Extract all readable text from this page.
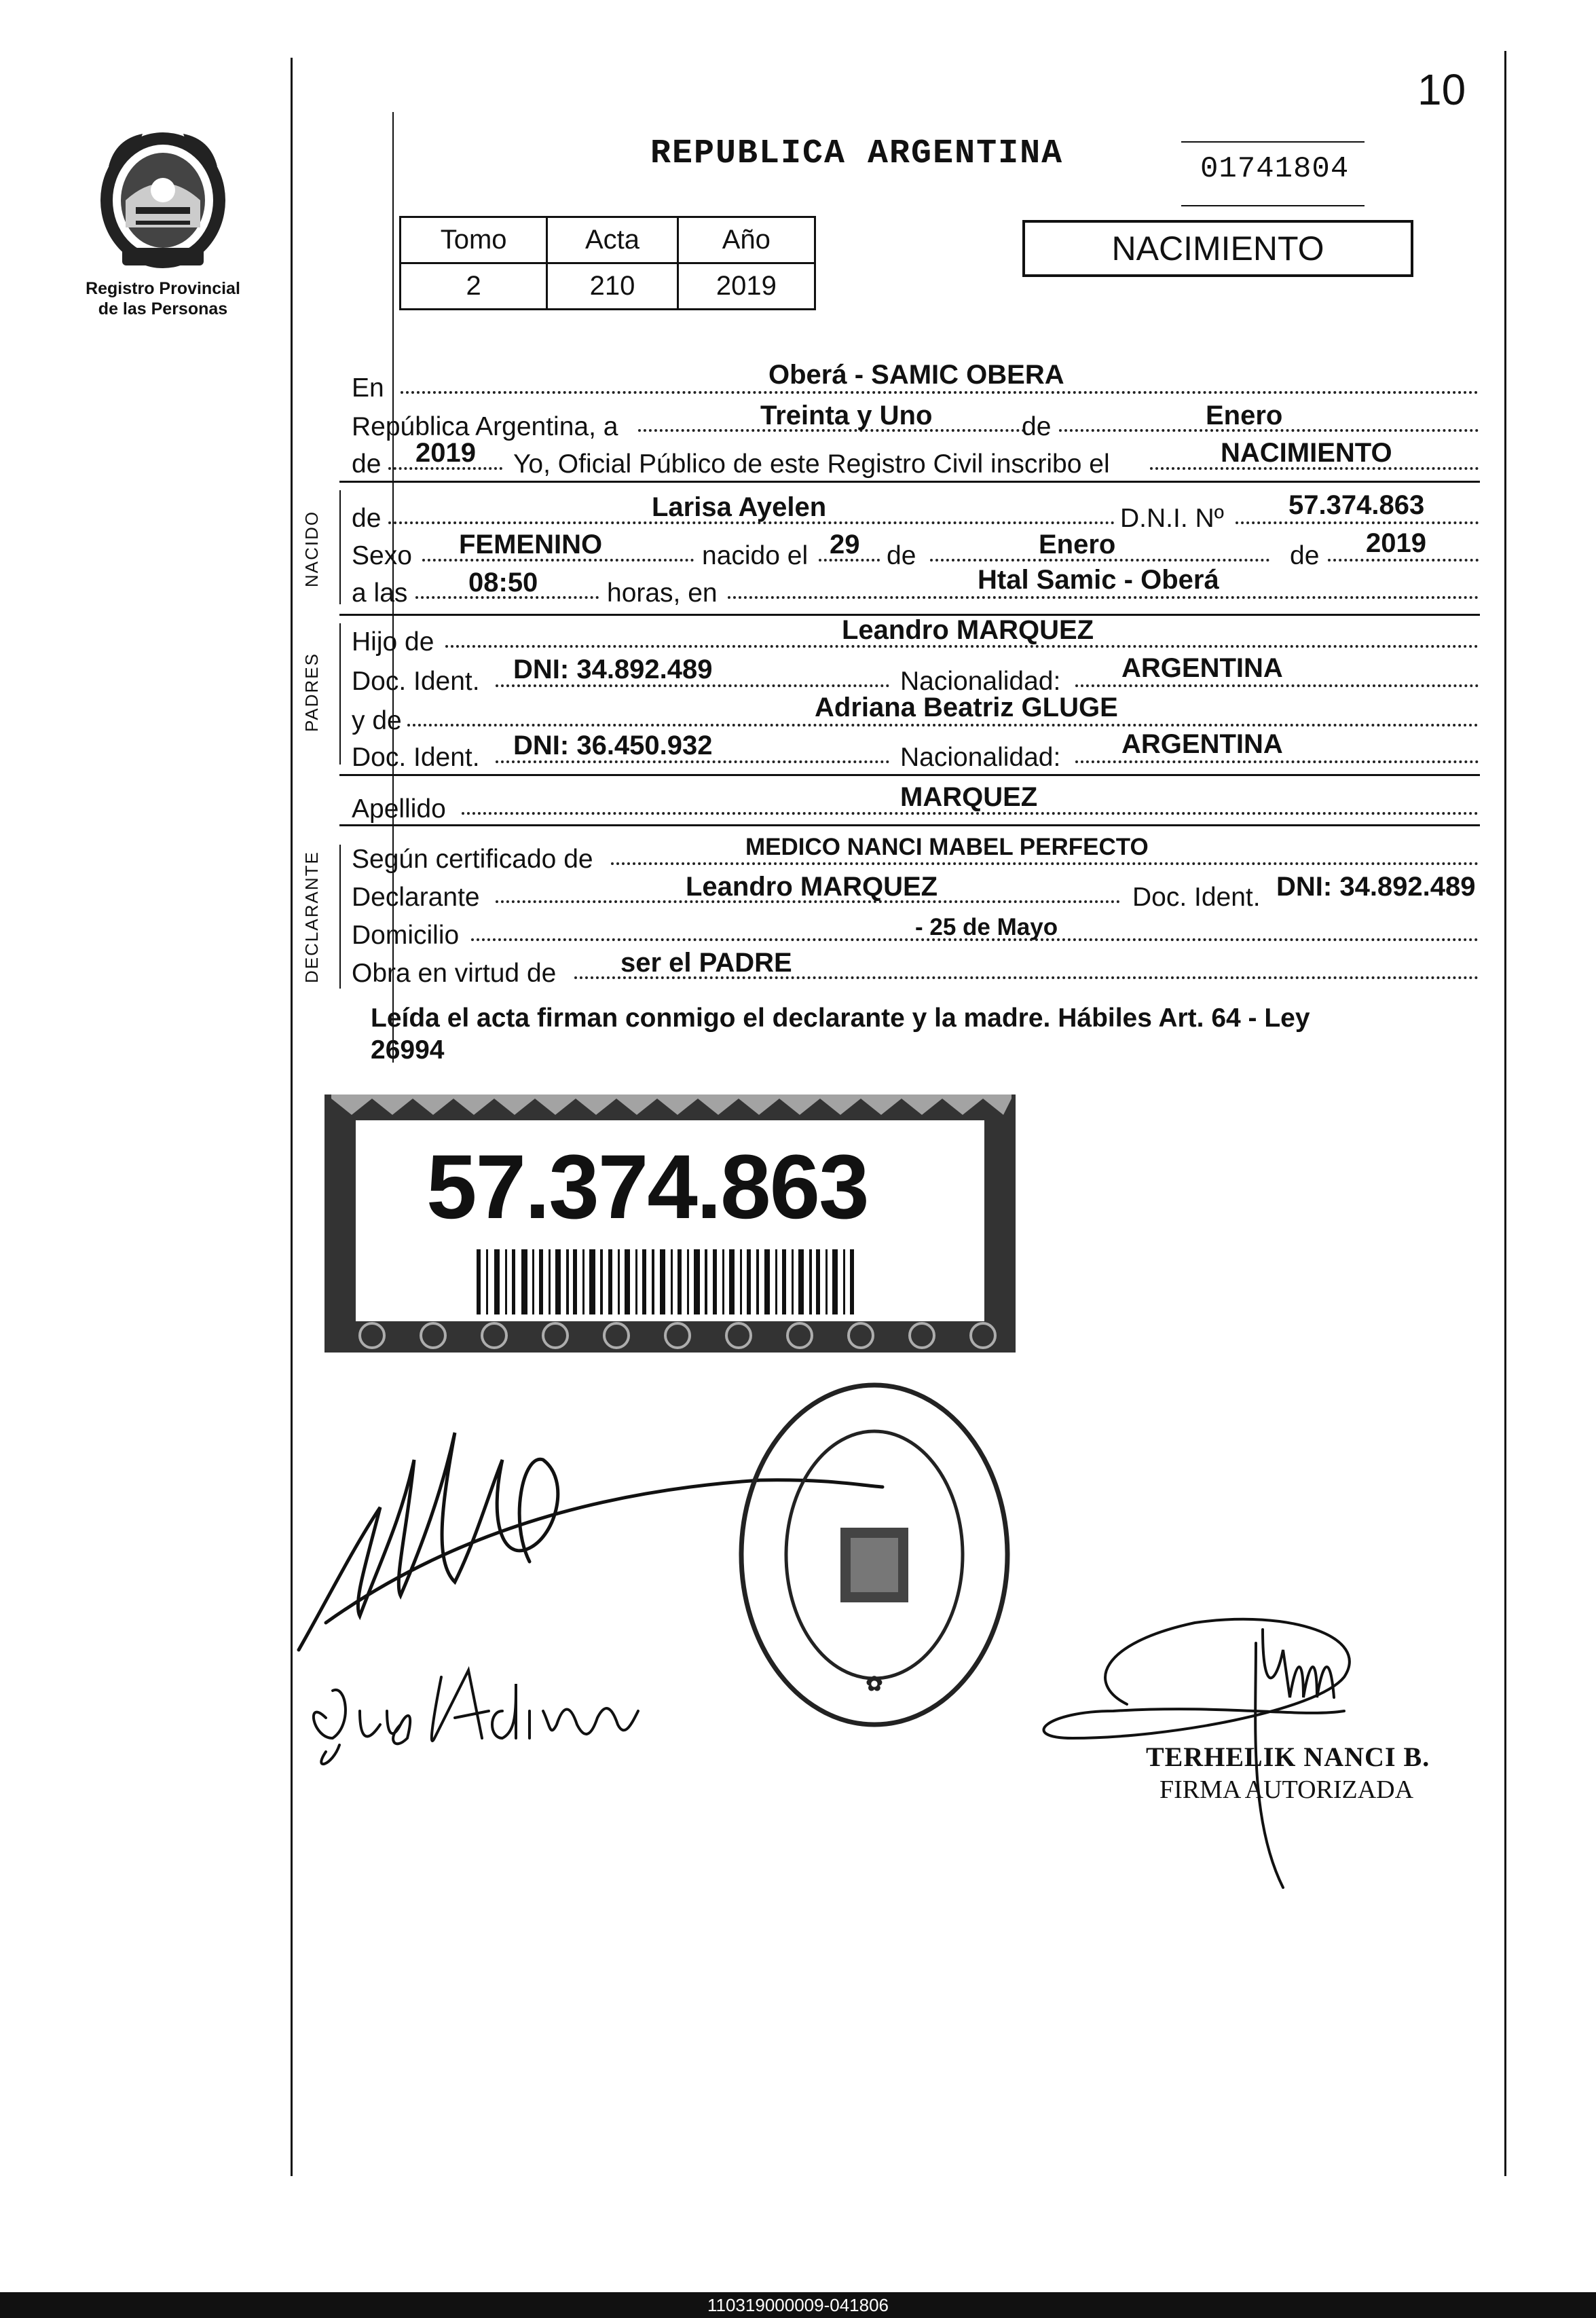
10
Registro Provincial
de las Personas
REPUBLICA ARGENTINA	01741804
Tomo	Acta	Año
2	210	2019
NACIMIENTO
En	Oberá - SAMIC OBERA
República Argentina, a	Treinta y Uno	de	Enero
de 2019 Yo, Oficial Público de este Registro Civil inscribo el	NACIMIENTO
NACIDO de	Larisa Ayelen	D.N.I. Nº 57.374.863
Sexo FEMENINO	nacido el 29 de	Enero	de 2019
a las 08:50	horas, en	Htal Samic - Oberá
PADRES
Hijo de	Leandro MARQUEZ
Doc. Ident. DNI: 34.892.489	Nacionalidad: ARGENTINA
y de	Adriana Beatriz GLUGE
Doc. Ident. DNI: 36.450.932	Nacionalidad: ARGENTINA
Apellido	MARQUEZ
DECLARANTE Según certificado de	MEDICO NANCI MABEL PERFECTO
Declarante	Leandro MARQUEZ	Doc. Ident. DNI: 34.892.489
Domicilio	- 25 de Mayo
Obra en virtud de ser el PADRE
Leída el acta firman conmigo el declarante y la madre. Hábiles Art. 64 - Ley
26994
57.374.863
✿
TERHELIK NANCI B.
FIRMA AUTORIZADA
110319000009-041806
